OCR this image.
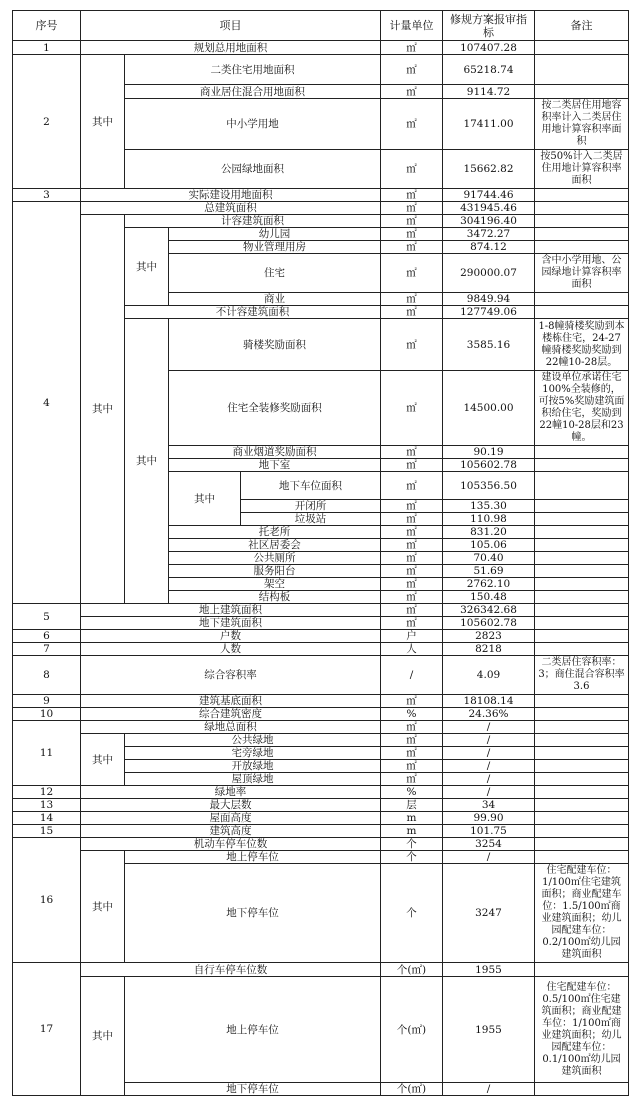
序号	项目				计量单位	修规方案报审指标	备注
1	规划总用地面积				㎡	107407.28	
2	其中	二类住宅用地面积			㎡	65218.74	
		商业居住混合用地面积			㎡	9114.72	
		中小学用地			㎡	17411.00	按二类居住用地容积率计入二类居住用地计算容积率面积
		公园绿地面积			㎡	15662.82	按50%计入二类居住用地计算容积率面积
3	实际建设用地面积				㎡	91744.46	
4	总建筑面积				㎡	431945.46	
	其中	计容建筑面积			㎡	304196.40	
		其中	幼儿园		㎡	3472.27	
			物业管理用房		㎡	874.12	
			住宅		㎡	290000.07	含中小学用地、公园绿地计算容积率面积
			商业		㎡	9849.94	
		不计容建筑面积			㎡	127749.06	
		其中	骑楼奖励面积		㎡	3585.16	1-8幢骑楼奖励到本楼栋住宅，24-27幢骑楼奖励奖励到22幢10-28层。
			住宅全装修奖励面积		㎡	14500.00	建设单位承诺住宅100%全装修的，可按5%奖励建筑面积给住宅，奖励到22幢10-28层和23幢。
			商业烟道奖励面积		㎡	90.19	
			地下室		㎡	105602.78	
			其中	地下车位面积	㎡	105356.50	
				开闭所	㎡	135.30	
				垃圾站	㎡	110.98	
			托老所		㎡	831.20	
			社区居委会		㎡	105.06	
			公共厕所		㎡	70.40	
			服务阳台		㎡	51.69	
			架空		㎡	2762.10	
			结构板		㎡	150.48	
5	地上建筑面积				㎡	326342.68	
	地下建筑面积				㎡	105602.78	
6	户数				户	2823	
7	人数				人	8218	
8	综合容积率				/	4.09	二类居住容积率：3；商住混合容积率3.6
9	建筑基底面积				㎡	18108.14	
10	综合建筑密度				%	24.36%	
11	绿地总面积				㎡	/	
	其中	公共绿地			㎡	/	
		宅旁绿地			㎡	/	
		开放绿地			㎡	/	
		屋顶绿地			㎡	/	
12	绿地率				%	/	
13	最大层数				层	34	
14	屋面高度				m	99.90	
15	建筑高度				m	101.75	
16	机动车停车位数				个	3254	
	其中	地上停车位			个	/	
		地下停车位			个	3247	住宅配建车位：1/100㎡住宅建筑面积；商业配建车位：1.5/100㎡商业建筑面积；幼儿园配建车位：0.2/100㎡幼儿园建筑面积
17	自行车停车位数				个(㎡)	1955	
	其中	地上停车位			个(㎡)	1955	住宅配建车位：0.5/100㎡住宅建筑面积；商业配建车位：1/100㎡商业建筑面积；幼儿园配建车位：0.1/100㎡幼儿园建筑面积
		地下停车位			个(㎡)	/	
